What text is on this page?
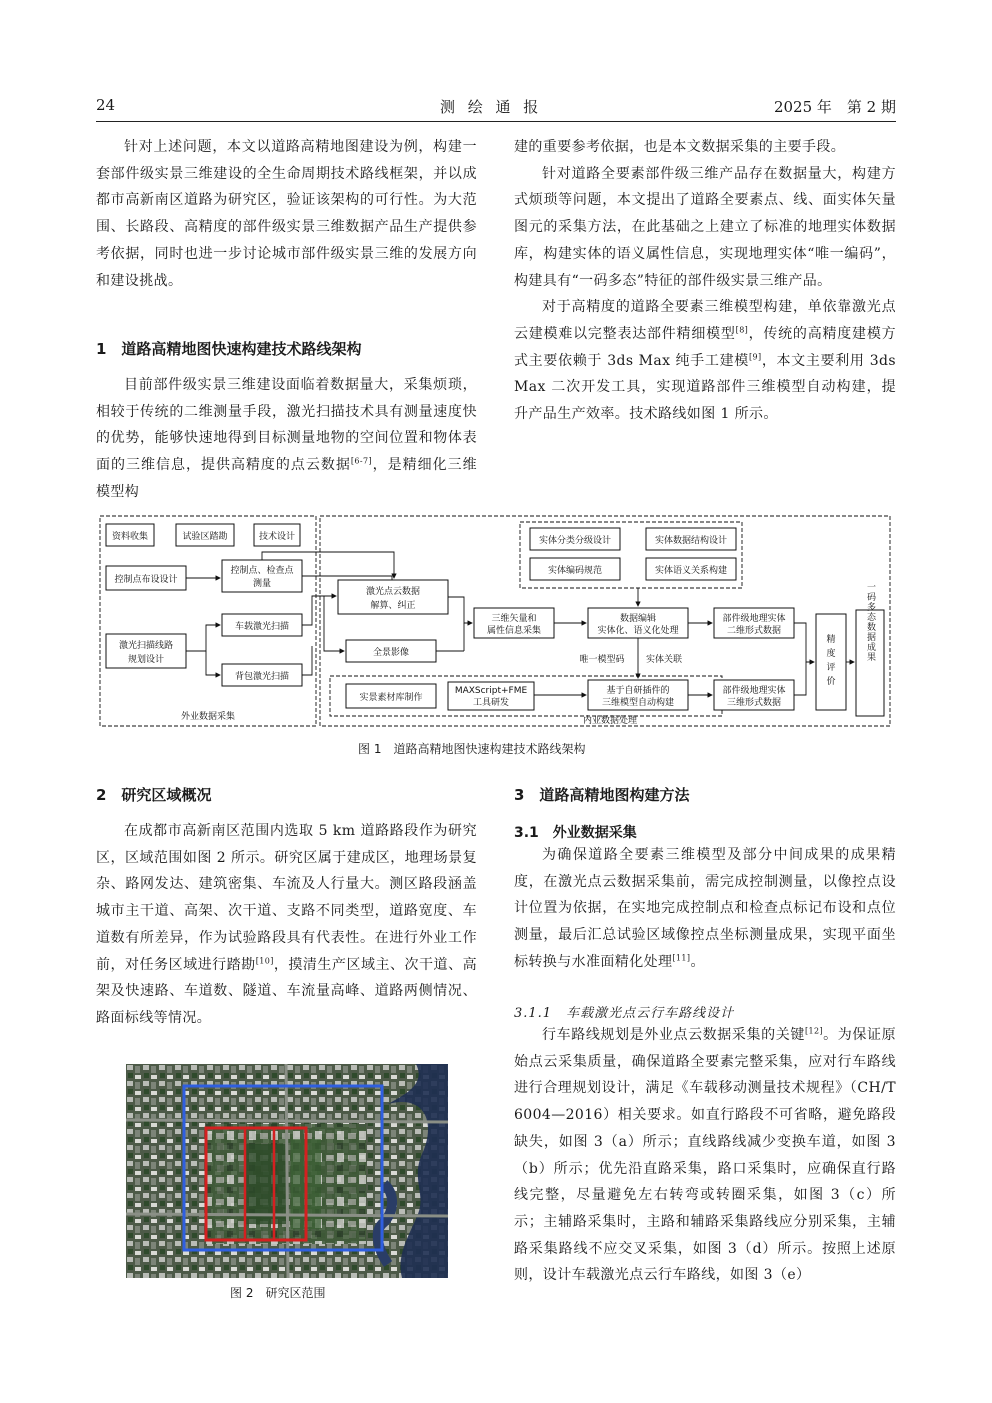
24	测 绘 通 报	2025 年　第 2 期

针对上述问题，本文以道路高精地图建设为例，构建一套部件级实景三维建设的全生命周期技术路线框架，并以成都市高新南区道路为研究区，验证该架构的可行性。为大范围、长路段、高精度的部件级实景三维数据产品生产提供参考依据，同时也进一步讨论城市部件级实景三维的发展方向和建设挑战。

1　道路高精地图快速构建技术路线架构

目前部件级实景三维建设面临着数据量大，采集烦琐，相较于传统的二维测量手段，激光扫描技术具有测量速度快的优势，能够快速地得到目标测量地物的空间位置和物体表面的三维信息，提供高精度的点云数据[6-7]，是精细化三维模型构

建的重要参考依据，也是本文数据采集的主要手段。

针对道路全要素部件级三维产品存在数据量大，构建方式烦琐等问题，本文提出了道路全要素点、线、面实体矢量图元的采集方法，在此基础之上建立了标准的地理实体数据库，构建实体的语义属性信息，实现地理实体“唯一编码”，构建具有“一码多态”特征的部件级实景三维产品。

对于高精度的道路全要素三维模型构建，单依靠激光点云建模难以完整表达部件精细模型[8]，传统的高精度建模方式主要依赖于 3ds Max 纯手工建模[9]，本文主要利用 3ds Max 二次开发工具，实现道路部件三维模型自动构建，提升产品生产效率。技术路线如图 1 所示。

资料收集	试验区踏勘	技术设计
控制点布设设计
控制点、检查点
测量
激光扫描线路
规划设计
车载激光扫描
背包激光扫描
外业数据采集
激光点云数据
解算、纠正
全景影像
实景素材库制作
MAXScript+FME
工具研发
三维矢量和
属性信息采集
实体分类分级设计	实体数据结构设计
实体编码规范	实体语义关系构建
数据编辑
实体化、语义化处理
基于自研插件的
三维模型自动构建
唯一模型码 实体关联
部件级地理实体
二维形式数据
部件级地理实体
三维形式数据
精
度
评
价
一码多态数据成果
内业数据处理
图 1　道路高精地图快速构建技术路线架构
2　研究区域概况

在成都市高新南区范围内选取 5 km 道路路段作为研究区，区域范围如图 2 所示。研究区属于建成区，地理场景复杂、路网发达、建筑密集、车流及人行量大。测区路段涵盖城市主干道、高架、次干道、支路不同类型，道路宽度、车道数有所差异，作为试验路段具有代表性。在进行外业工作前，对任务区域进行踏勘[10]，摸清生产区域主、次干道、高架及快速路、车道数、隧道、车流量高峰、道路两侧情况、路面标线等情况。

图 2　研究区范围
3　道路高精地图构建方法
3.1　外业数据采集

为确保道路全要素三维模型及部分中间成果的成果精度，在激光点云数据采集前，需完成控制测量，以像控点设计位置为依据，在实地完成控制点和检查点标记布设和点位测量，最后汇总试验区域像控点坐标测量成果，实现平面坐标转换与水准面精化处理[11]。

3.1.1　车载激光点云行车路线设计

行车路线规划是外业点云数据采集的关键[12]。为保证原始点云采集质量，确保道路全要素完整采集，应对行车路线进行合理规划设计，满足《车载移动测量技术规程》（CH/T 6004—2016）相关要求。如直行路段不可省略，避免路段缺失，如图 3（a）所示；直线路线减少变换车道，如图 3（b）所示；优先沿直路采集，路口采集时，应确保直行路线完整，尽量避免左右转弯或转圈采集，如图 3（c）所示；主辅路采集时，主路和辅路采集路线应分别采集，主辅路采集路线不应交叉采集，如图 3（d）所示。按照上述原则，设计车载激光点云行车路线，如图 3（e）
